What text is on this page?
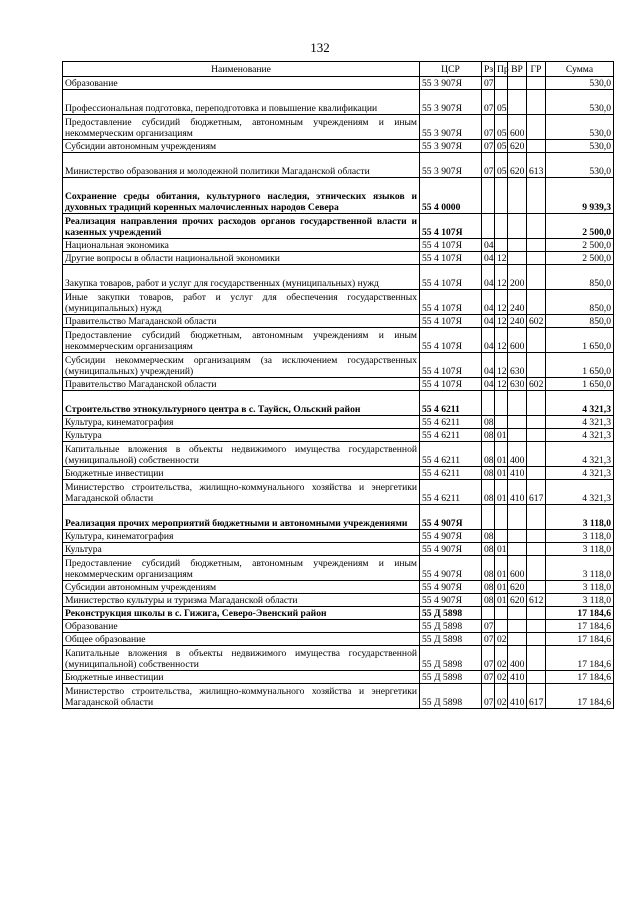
132
Наименование	ЦСР	Рз	Пр	ВР	ГР	Сумма
Образование	55 3 907Я	07				530,0
Профессиональная подготовка, переподготовка и повышение квалификации	55 3 907Я	07	05			530,0
Предоставление субсидий бюджетным, автономным учреждениям и иным некоммерческим организациям	55 3 907Я	07	05	600		530,0
Субсидии автономным учреждениям	55 3 907Я	07	05	620		530,0
Министерство образования и молодежной политики Магаданской области	55 3 907Я	07	05	620	613	530,0
Сохранение среды обитания, культурного наследия, этнических языков и духовных традиций коренных малочисленных народов Севера	55 4 0000					9 939,3
Реализация направления прочих расходов органов государственной власти и казенных учреждений	55 4 107Я					2 500,0
Национальная экономика	55 4 107Я	04				2 500,0
Другие вопросы в области национальной экономики	55 4 107Я	04	12			2 500,0
Закупка товаров, работ и услуг для государственных (муниципальных) нужд	55 4 107Я	04	12	200		850,0
Иные закупки товаров, работ и услуг для обеспечения государственных (муниципальных) нужд	55 4 107Я	04	12	240		850,0
Правительство Магаданской области	55 4 107Я	04	12	240	602	850,0
Предоставление субсидий бюджетным, автономным учреждениям и иным некоммерческим организациям	55 4 107Я	04	12	600		1 650,0
Субсидии некоммерческим организациям (за исключением государственных (муниципальных) учреждений)	55 4 107Я	04	12	630		1 650,0
Правительство Магаданской области	55 4 107Я	04	12	630	602	1 650,0
Строительство этнокультурного центра в с. Тауйск, Ольский район	55 4 6211					4 321,3
Культура, кинематография	55 4 6211	08				4 321,3
Культура	55 4 6211	08	01			4 321,3
Капитальные вложения в объекты недвижимого имущества государственной (муниципальной) собственности	55 4 6211	08	01	400		4 321,3
Бюджетные инвестиции	55 4 6211	08	01	410		4 321,3
Министерство строительства, жилищно-коммунального хозяйства и энергетики Магаданской области	55 4 6211	08	01	410	617	4 321,3
Реализация прочих мероприятий бюджетными и автономными учреждениями	55 4 907Я					3 118,0
Культура, кинематография	55 4 907Я	08				3 118,0
Культура	55 4 907Я	08	01			3 118,0
Предоставление субсидий бюджетным, автономным учреждениям и иным некоммерческим организациям	55 4 907Я	08	01	600		3 118,0
Субсидии автономным учреждениям	55 4 907Я	08	01	620		3 118,0
Министерство культуры и туризма Магаданской области	55 4 907Я	08	01	620	612	3 118,0
Реконструкция школы в с. Гижига, Северо-Эвенский район	55 Д 5898					17 184,6
Образование	55 Д 5898	07				17 184,6
Общее образование	55 Д 5898	07	02			17 184,6
Капитальные вложения в объекты недвижимого имущества государственной (муниципальной) собственности	55 Д 5898	07	02	400		17 184,6
Бюджетные инвестиции	55 Д 5898	07	02	410		17 184,6
Министерство строительства, жилищно-коммунального хозяйства и энергетики Магаданской области	55 Д 5898	07	02	410	617	17 184,6
